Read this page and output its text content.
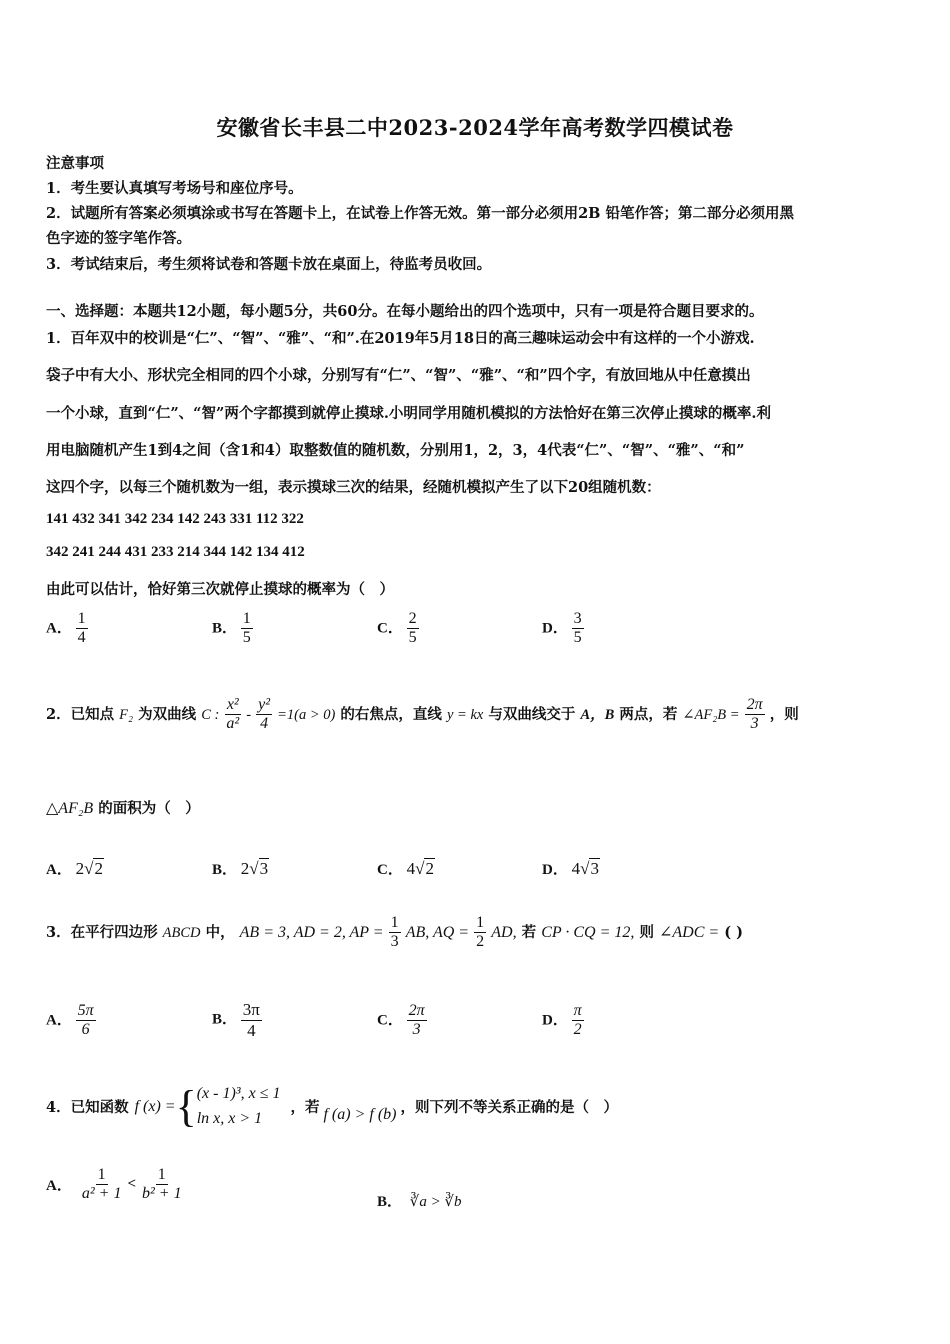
安徽省长丰县二中2023-2024学年高考数学四模试卷
注意事项
1．考生要认真填写考场号和座位序号。
2．试题所有答案必须填涂或书写在答题卡上，在试卷上作答无效。第一部分必须用2B 铅笔作答；第二部分必须用黑
色字迹的签字笔作答。
3．考试结束后，考生须将试卷和答题卡放在桌面上，待监考员收回。
一、选择题：本题共12小题，每小题5分，共60分。在每小题给出的四个选项中，只有一项是符合题目要求的。
1．百年双中的校训是“仁”、“智”、“雅”、“和”.在2019年5月18日的高三趣味运动会中有这样的一个小游戏.
袋子中有大小、形状完全相同的四个小球，分别写有“仁”、“智”、“雅”、“和”四个字，有放回地从中任意摸出
一个小球，直到“仁”、“智”两个字都摸到就停止摸球.小明同学用随机模拟的方法恰好在第三次停止摸球的概率.利
用电脑随机产生1到4之间（含1和4）取整数值的随机数，分别用1，2，3，4代表“仁”、“智”、“雅”、“和”
这四个字，以每三个随机数为一组，表示摸球三次的结果，经随机模拟产生了以下20组随机数：
141 432 341 342 234 142 243 331 112 322
342 241 244 431 233 214 344 142 134 412
由此可以估计，恰好第三次就停止摸球的概率为（　）
A． $\frac{1}{4}$	B． $\frac{1}{5}$	C． $\frac{2}{5}$	D． $\frac{3}{5}$
2．已知点 F₂ 为双曲线 C : $\frac{\text{x²}}{\text{a²}} - \frac{\text{y²}}{4} =1(a > 0)$ 的右焦点，直线 y = kx 与双曲线交于 A，B 两点，若 ∠AF₂B = $\frac{2\pi}{3}$ ，则
△AF₂B 的面积为（　）
A． 2√2	B． 2√3	C． 4√2	D． 4√3
3．在平行四边形 ABCD 中， AB = 3, AD = 2, AP = $\frac{1}{3}$ AB, AQ = $\frac{1}{2}$ AD, 若 CP · CQ = 12, 则 ∠ADC = ( )
A． $\frac{5\pi}{6}$	B． $\frac{3\pi}{4}$	C． $\frac{2\pi}{3}$	D． $\frac{\pi}{2}$
4．已知函数 f (x) = { (x - 1)³, x ≤ 1
ln x, x > 1
，若 f (a) > f (b) ，则下列不等关系正确的是（　）
A． $\frac{1}{\text{a² + 1}} < \frac{1}{\text{b² + 1}}$	B． ∛a > ∛b
